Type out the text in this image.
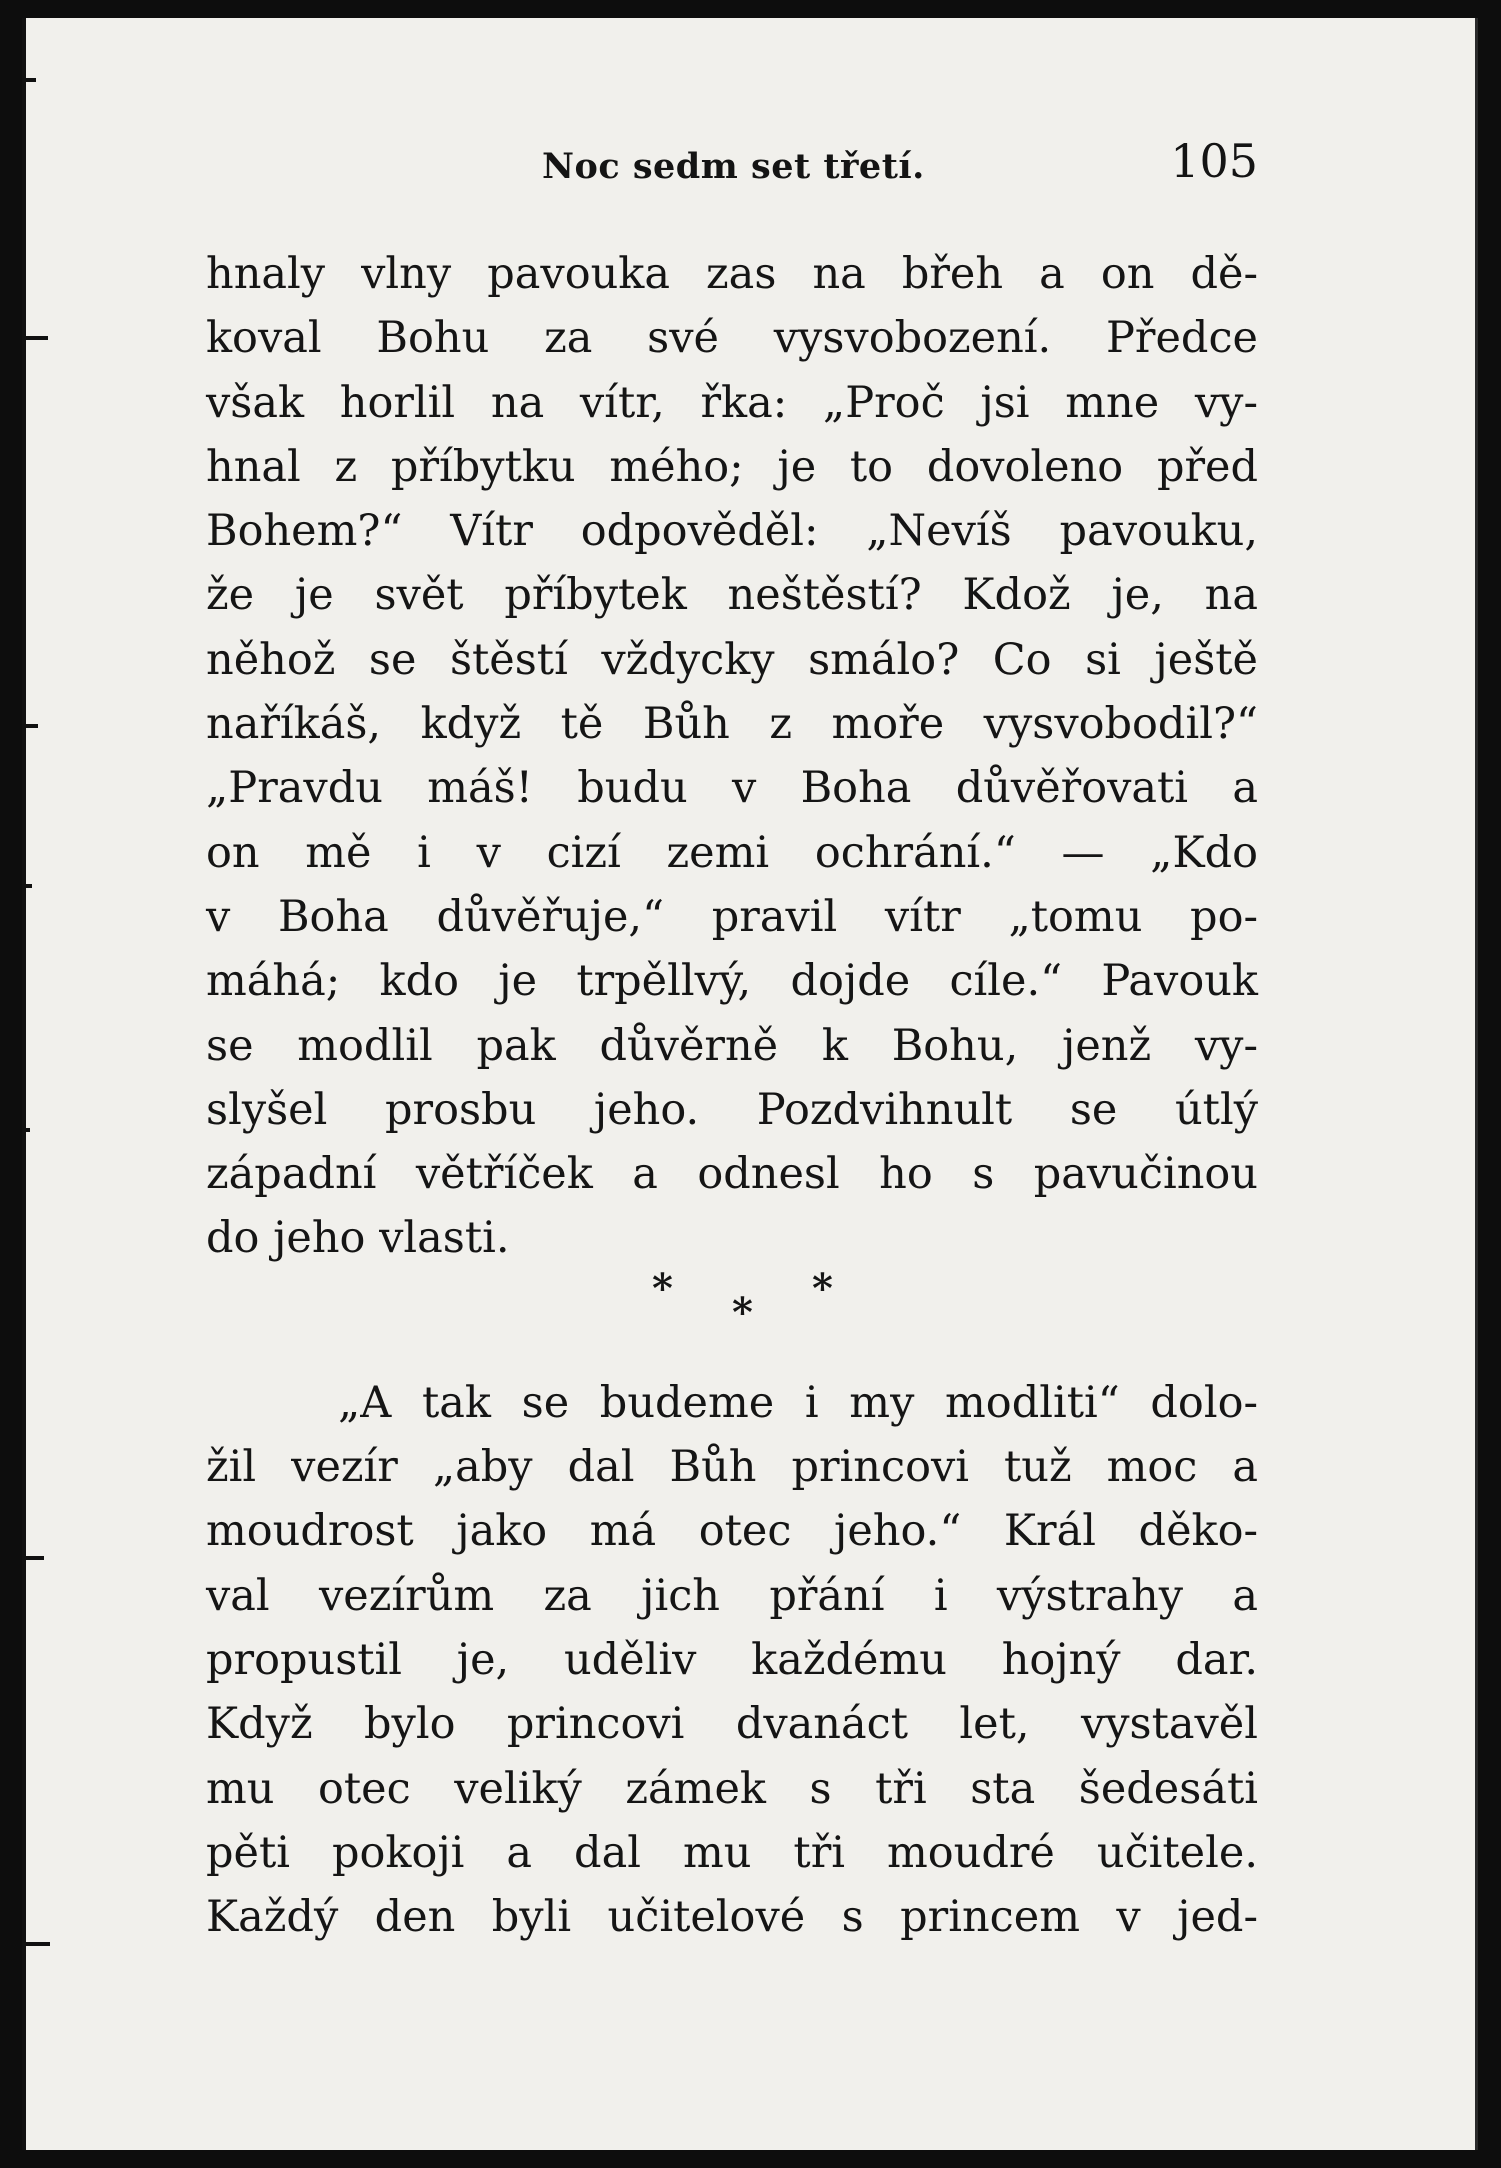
Noc sedm set třetí.	105
hnaly vlny pavouka zas na břeh a on dě-
koval Bohu za své vysvobození. Předce
však horlil na vítr, řka: „Proč jsi mne vy-
hnal z příbytku mého; je to dovoleno před
Bohem?“ Vítr odpověděl: „Nevíš pavouku,
že je svět příbytek neštěstí? Kdož je, na
něhož se štěstí vždycky smálo? Co si ještě
naříkáš, když tě Bůh z moře vysvobodil?“
„Pravdu máš! budu v Boha důvěřovati a
on mě i v cizí zemi ochrání.“ — „Kdo
v Boha důvěřuje,“ pravil vítr „tomu po-
máhá; kdo je trpěllvý, dojde cíle.“ Pavouk
se modlil pak důvěrně k Bohu, jenž vy-
slyšel prosbu jeho. Pozdvihnult se útlý
západní větříček a odnesl ho s pavučinou
do jeho vlasti.
*
*
*
„A tak se budeme i my modliti“ dolo-
žil vezír „aby dal Bůh princovi tuž moc a
moudrost jako má otec jeho.“ Král děko-
val vezírům za jich přání i výstrahy a
propustil je, uděliv každému hojný dar.
Když bylo princovi dvanáct let, vystavěl
mu otec veliký zámek s tři sta šedesáti
pěti pokoji a dal mu tři moudré učitele.
Každý den byli učitelové s princem v jed-
